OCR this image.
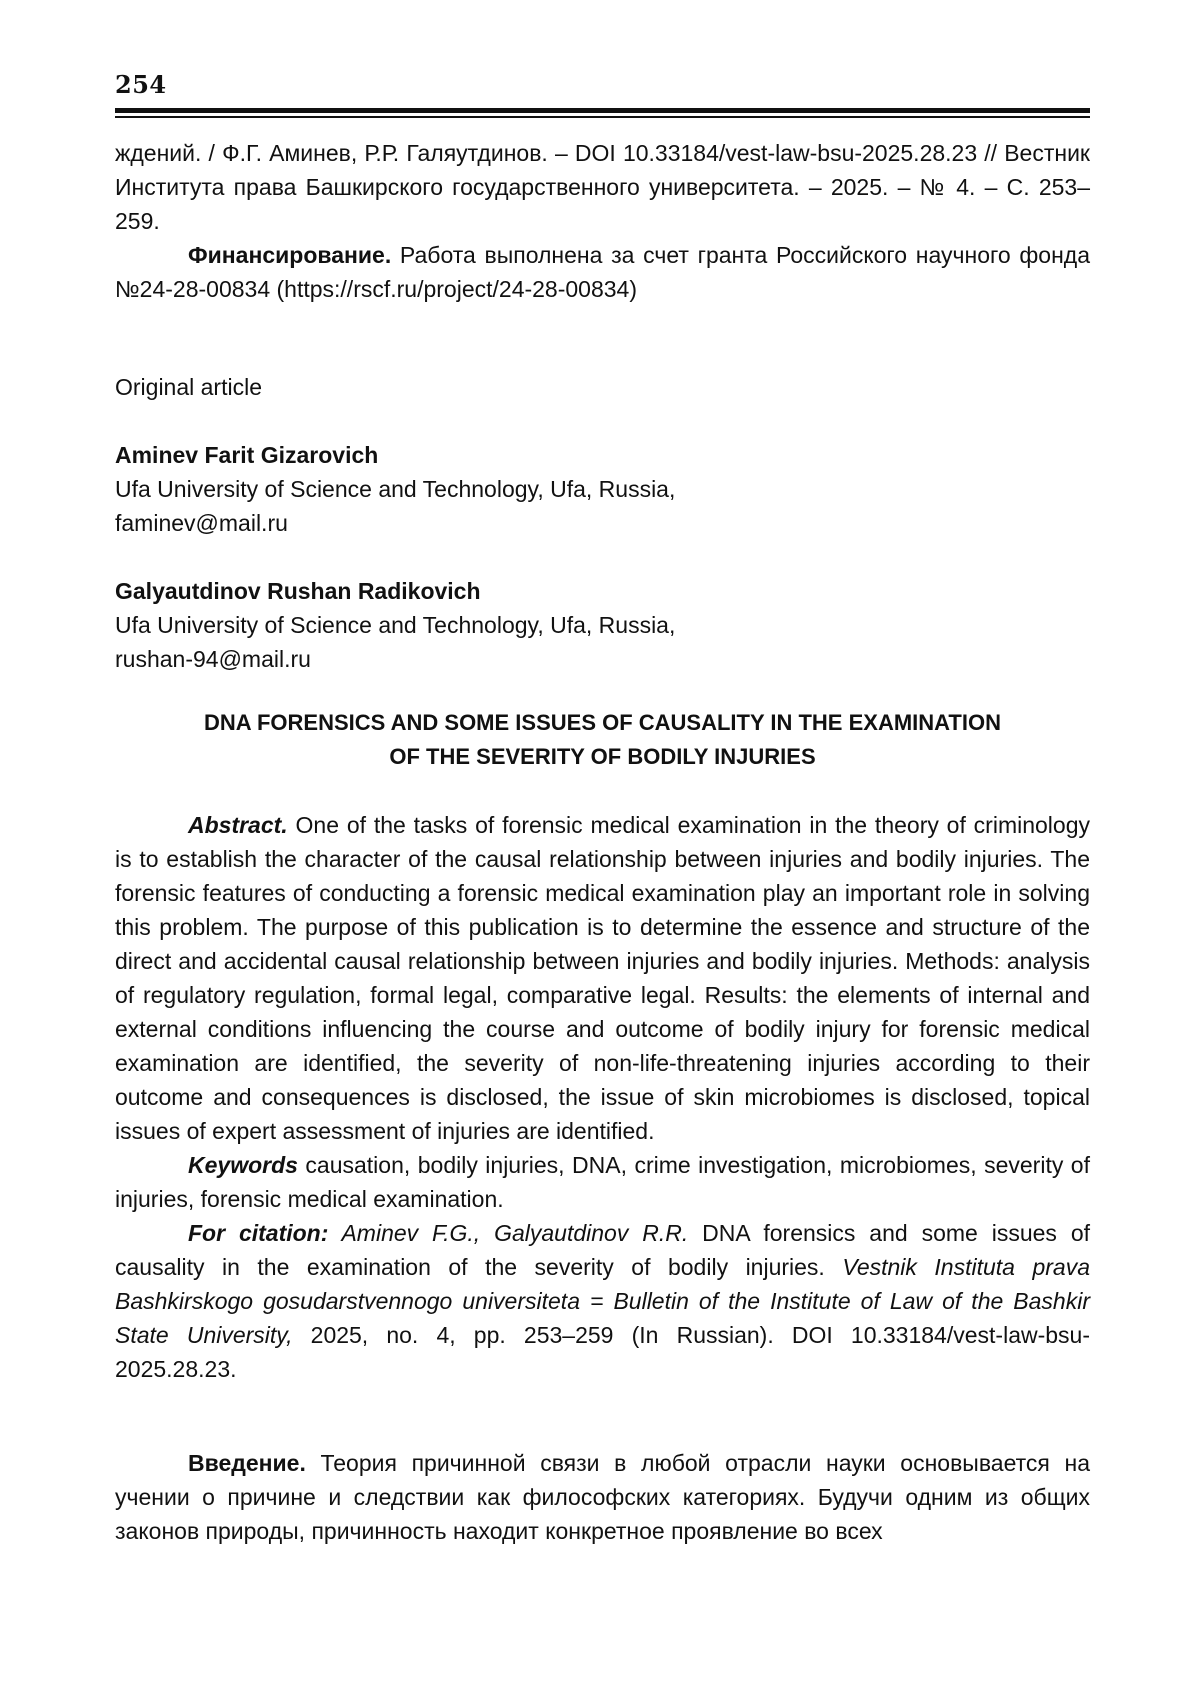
254

ждений. / Ф.Г. Аминев, Р.Р. Галяутдинов. – DOI 10.33184/vest-law-bsu-2025.28.23 // Вестник Института права Башкирского государственного университета. – 2025. – № 4. – С. 253–259.

Финансирование. Работа выполнена за счет гранта Российского научного фонда №24-28-00834 (https://rscf.ru/project/24-28-00834)

Original article

Aminev Farit Gizarovich

Ufa University of Science and Technology, Ufa, Russia,

faminev@mail.ru

Galyautdinov Rushan Radikovich

Ufa University of Science and Technology, Ufa, Russia,

rushan-94@mail.ru

DNA FORENSICS AND SOME ISSUES OF CAUSALITY IN THE EXAMINATION
OF THE SEVERITY OF BODILY INJURIES

Abstract. One of the tasks of forensic medical examination in the theory of criminology is to establish the character of the causal relationship between injuries and bodily injuries. The forensic features of conducting a forensic medical examination play an important role in solving this problem. The purpose of this publication is to determine the essence and structure of the direct and accidental causal relationship between injuries and bodily injuries. Methods: analysis of regulatory regulation, formal legal, comparative legal. Results: the elements of internal and external conditions influencing the course and outcome of bodily injury for forensic medical examination are identified, the severity of non-life-threatening injuries according to their outcome and consequences is disclosed, the issue of skin microbiomes is disclosed, topical issues of expert assessment of injuries are identified.

Keywords causation, bodily injuries, DNA, crime investigation, microbiomes, severity of injuries, forensic medical examination.

For citation: Aminev F.G., Galyautdinov R.R. DNA forensics and some issues of causality in the examination of the severity of bodily injuries. Vestnik Instituta prava Bashkirskogo gosudarstvennogo universiteta = Bulletin of the Institute of Law of the Bashkir State University, 2025, no. 4, pp. 253–259 (In Russian). DOI 10.33184/vest-law-bsu-2025.28.23.

Введение. Теория причинной связи в любой отрасли науки основывается на учении о причине и следствии как философских категориях. Будучи одним из общих законов природы, причинность находит конкретное проявление во всех
